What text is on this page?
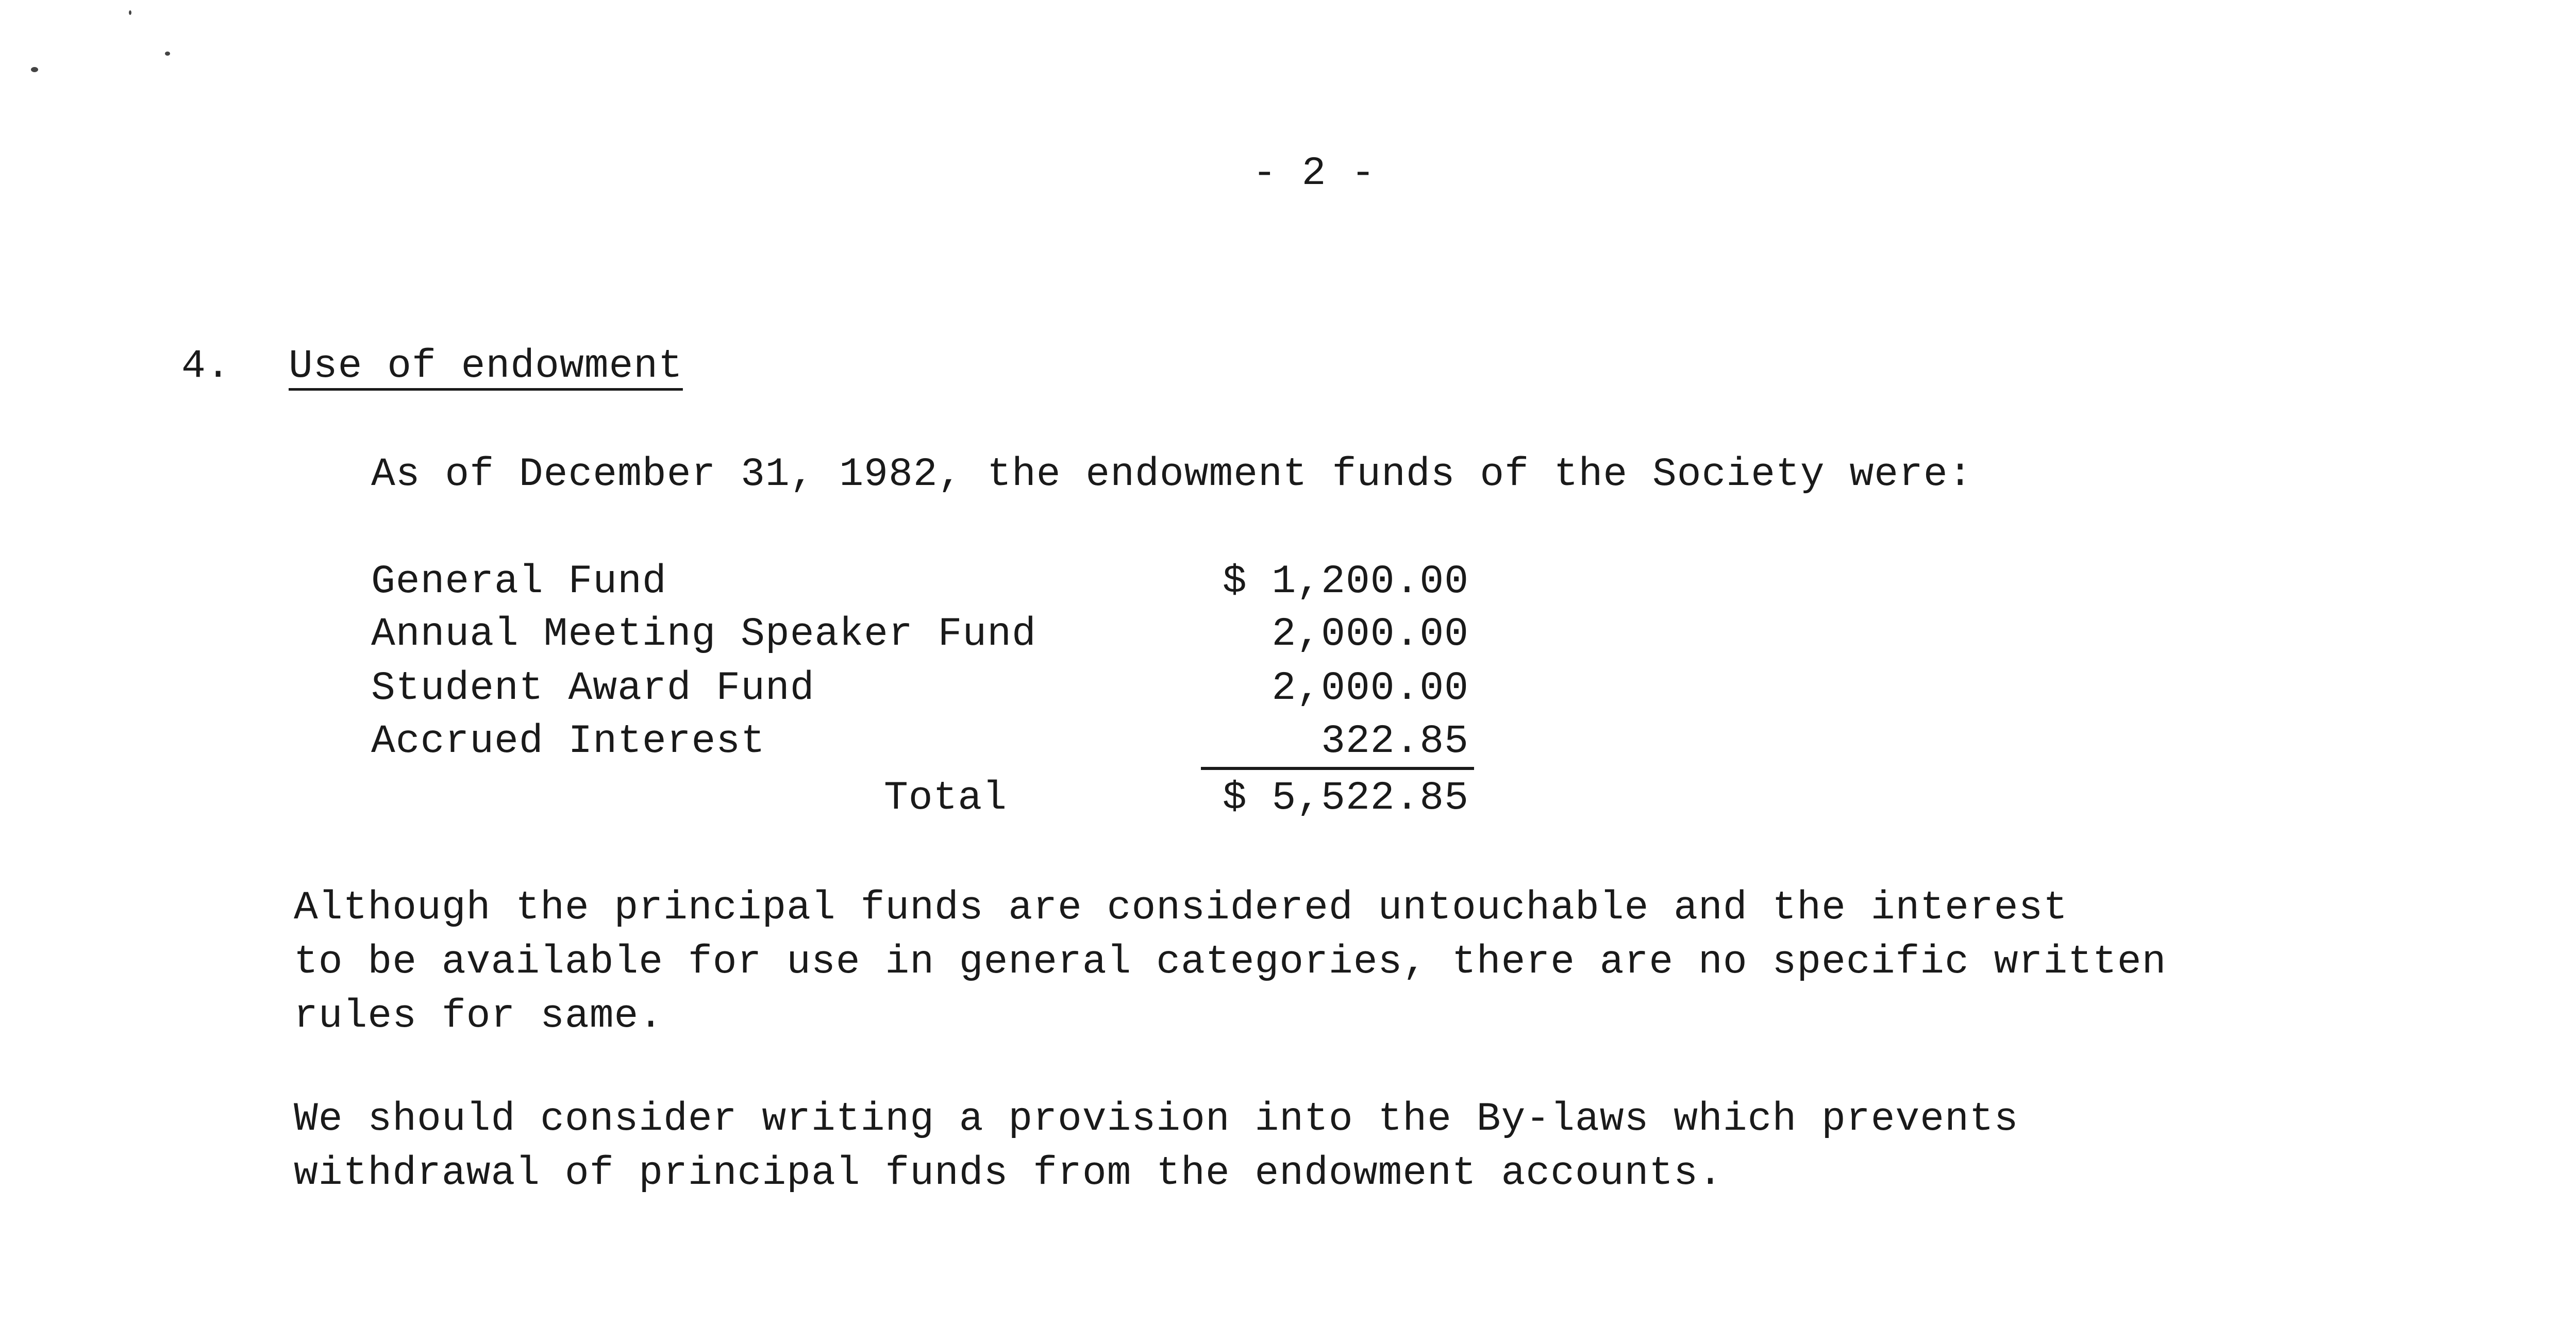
- 2 -
4. Use of endowment
As of December 31, 1982, the endowment funds of the Society were:
General Fund	$ 1,200.00
Annual Meeting Speaker Fund	2,000.00
Student Award Fund	2,000.00
Accrued Interest	322.85
Total	$ 5,522.85
Although the principal funds are considered untouchable and the interest
to be available for use in general categories, there are no specific written
rules for same.
We should consider writing a provision into the By-laws which prevents
withdrawal of principal funds from the endowment accounts.
